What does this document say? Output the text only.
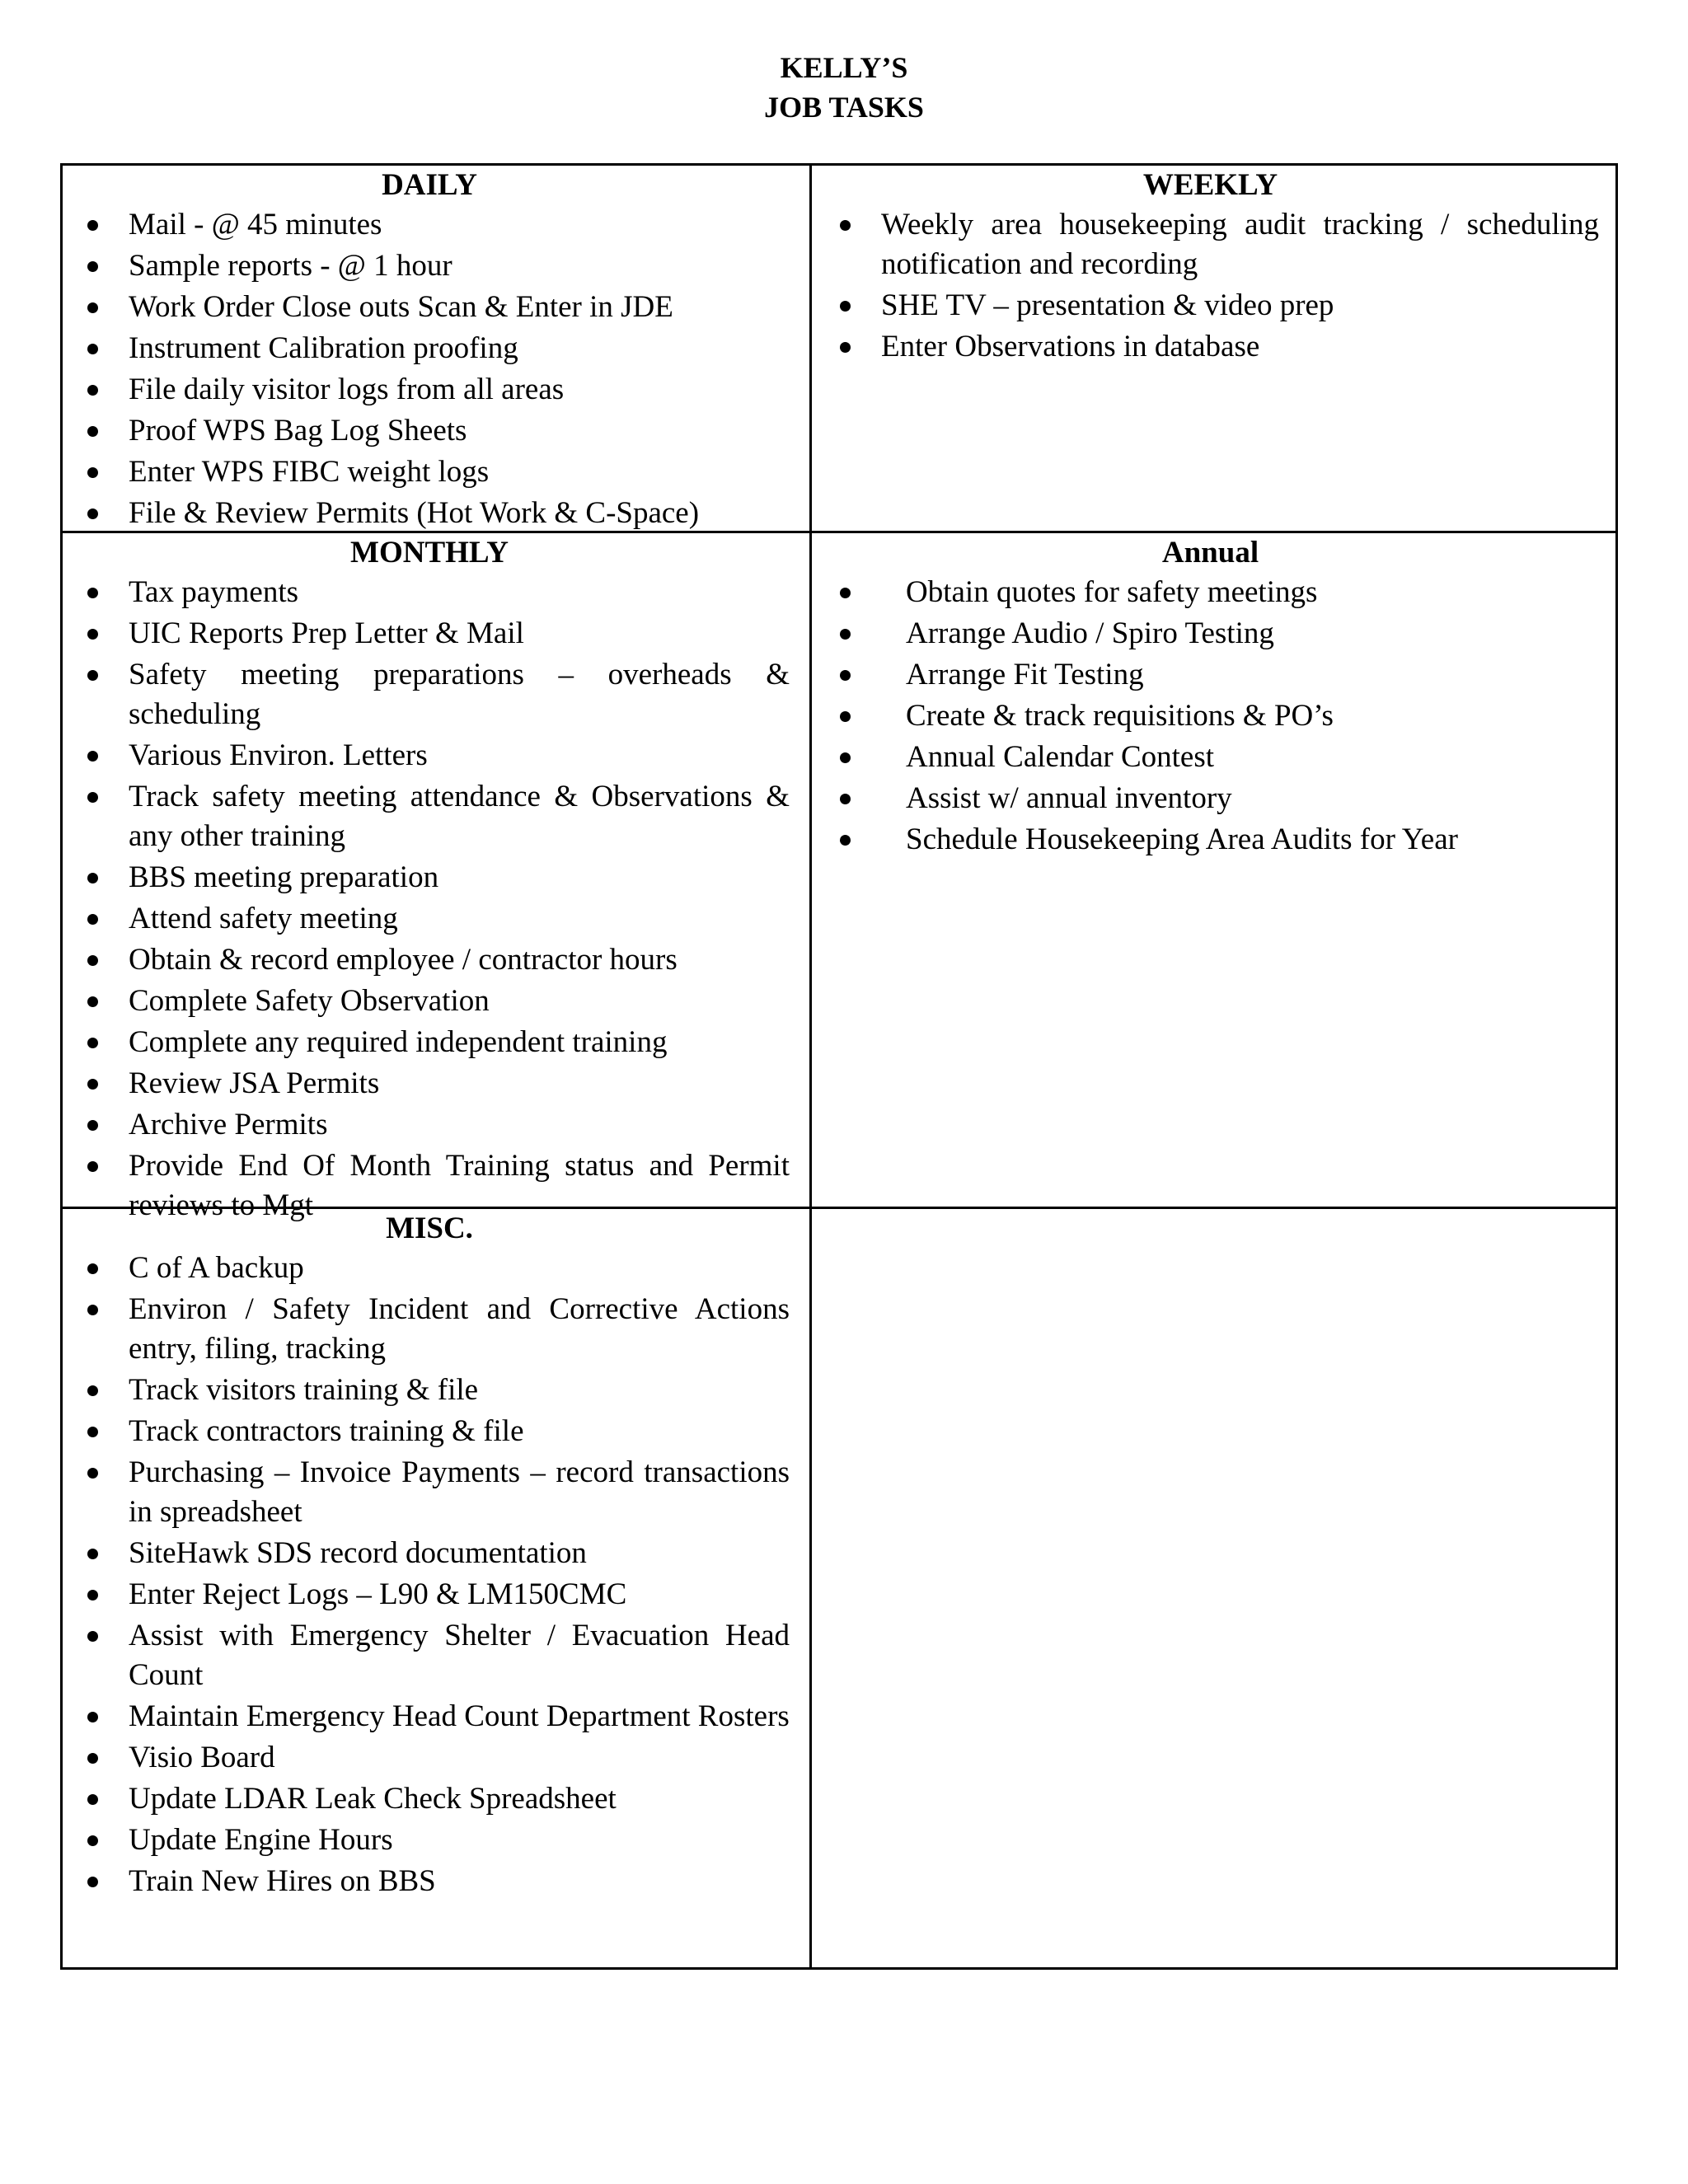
KELLY’S
JOB TASKS
DAILY
Mail - @ 45 minutes
Sample reports - @ 1 hour
Work Order Close outs Scan & Enter in JDE
Instrument Calibration proofing
File daily visitor logs from all areas
Proof WPS Bag Log Sheets
Enter WPS FIBC weight logs
File & Review Permits (Hot Work & C-Space)
WEEKLY
Weekly area housekeeping audit tracking / scheduling notification and recording
SHE TV – presentation & video prep
Enter Observations in database
MONTHLY
Tax payments
UIC Reports Prep Letter & Mail
Safety meeting preparations – overheads & scheduling
Various Environ. Letters
Track safety meeting attendance & Observations & any other training
BBS meeting preparation
Attend safety meeting
Obtain & record employee / contractor hours
Complete Safety Observation
Complete any required independent training
Review JSA Permits
Archive Permits
Provide End Of Month Training status and Permit reviews to Mgt
Annual
Obtain quotes for safety meetings
Arrange Audio / Spiro Testing
Arrange Fit Testing
Create & track requisitions & PO’s
Annual Calendar Contest
Assist w/ annual inventory
Schedule Housekeeping Area Audits for Year
MISC.
C of A backup
Environ / Safety Incident and Corrective Actions entry, filing, tracking
Track visitors training & file
Track contractors training & file
Purchasing – Invoice Payments – record transactions in spreadsheet
SiteHawk SDS record documentation
Enter Reject Logs – L90 & LM150CMC
Assist with Emergency Shelter / Evacuation Head Count
Maintain Emergency Head Count Department Rosters
Visio Board
Update LDAR Leak Check Spreadsheet
Update Engine Hours
Train New Hires on BBS
